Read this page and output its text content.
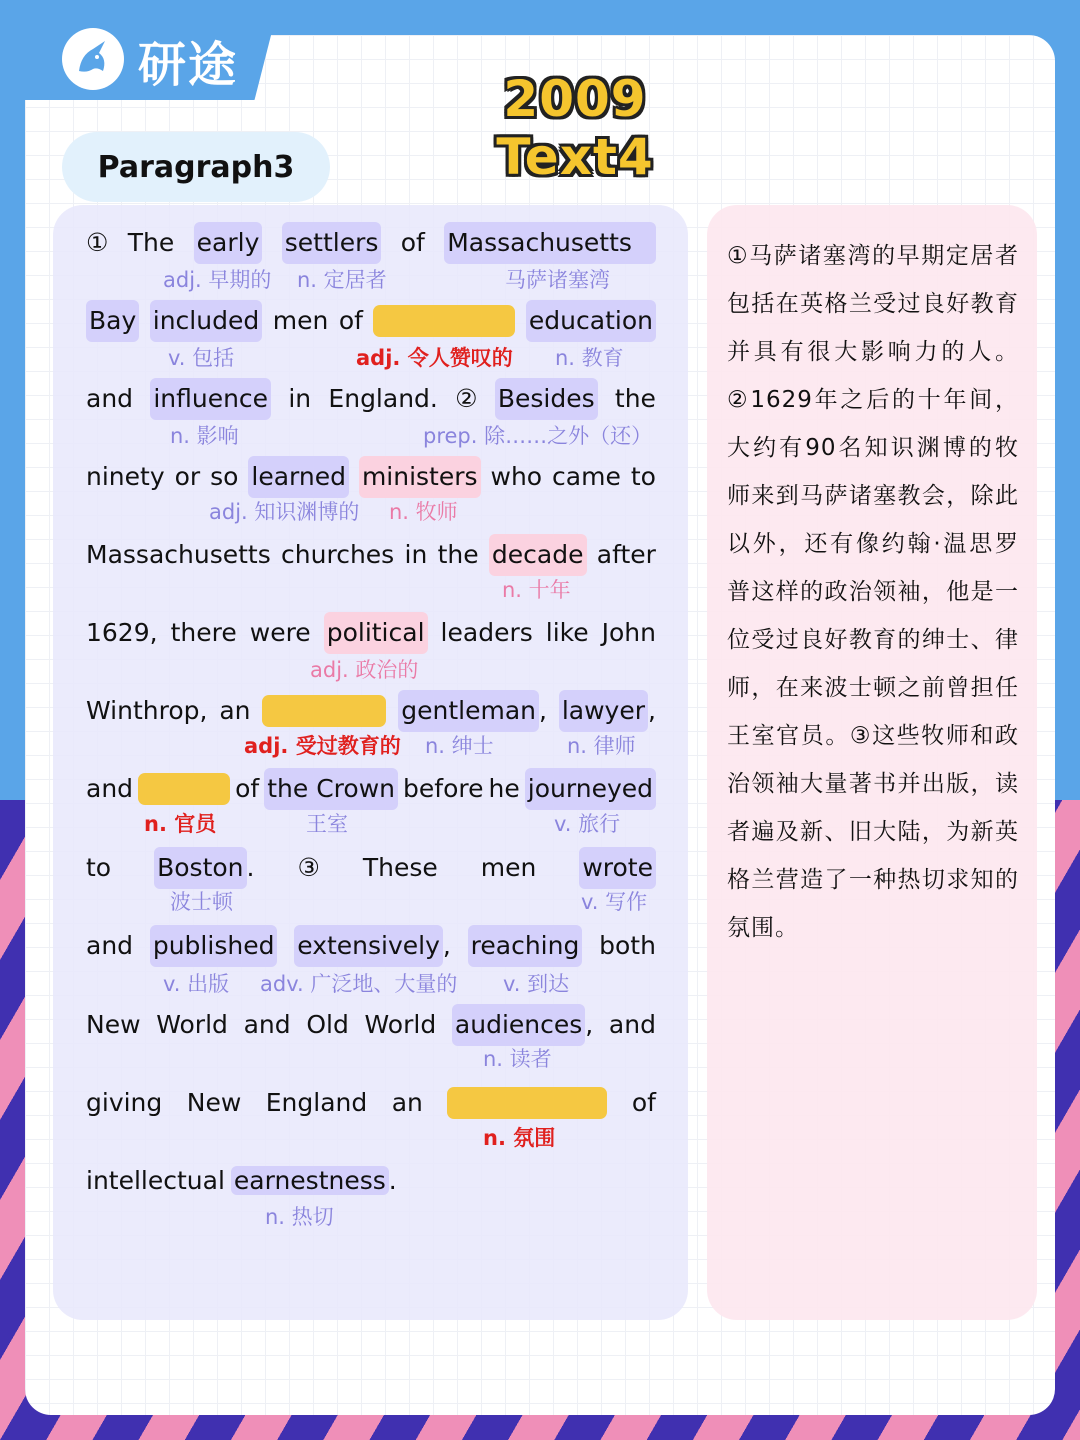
研途
2009 Text4
Paragraph3
①马萨诸塞湾的早期定居者包括在英格兰受过良好教育并具有很大影响力的人。②1629年之后的十年间，大约有90名知识渊博的牧师来到马萨诸塞教会，除此以外，还有像约翰·温思罗普这样的政治领袖，他是一位受过良好教育的绅士、律师，在来波士顿之前曾担任王室官员。③这些牧师和政治领袖大量著书并出版，读者遍及新、旧大陆，为新英格兰营造了一种热切求知的氛围。
① The early settlers of Massachusetts
adj. 早期的 n. 定居者	马萨诸塞湾
Bay included men of	education
v. 包括	adj. 令人赞叹的 n. 教育
and influence in England. ② Besides the
n. 影响	prep. 除……之外（还）
ninety or so learned ministers who came to
adj. 知识渊博的 n. 牧师
Massachusetts churches in the decade after
n. 十年
1629, there were political leaders like John
adj. 政治的
Winthrop, an	gentleman , lawyer ,
adj. 受过教育的 n. 绅士	n. 律师
and	of the Crown before he journeyed
n. 官员	王室	v. 旅行
to Boston . ③ These men wrote
波士顿	v. 写作
and published extensively , reaching both
v. 出版 adv. 广泛地、大量的 v. 到达
New World and Old World audiences , and
n. 读者
giving New England an	of
n. 氛围
intellectual earnestness .
n. 热切
